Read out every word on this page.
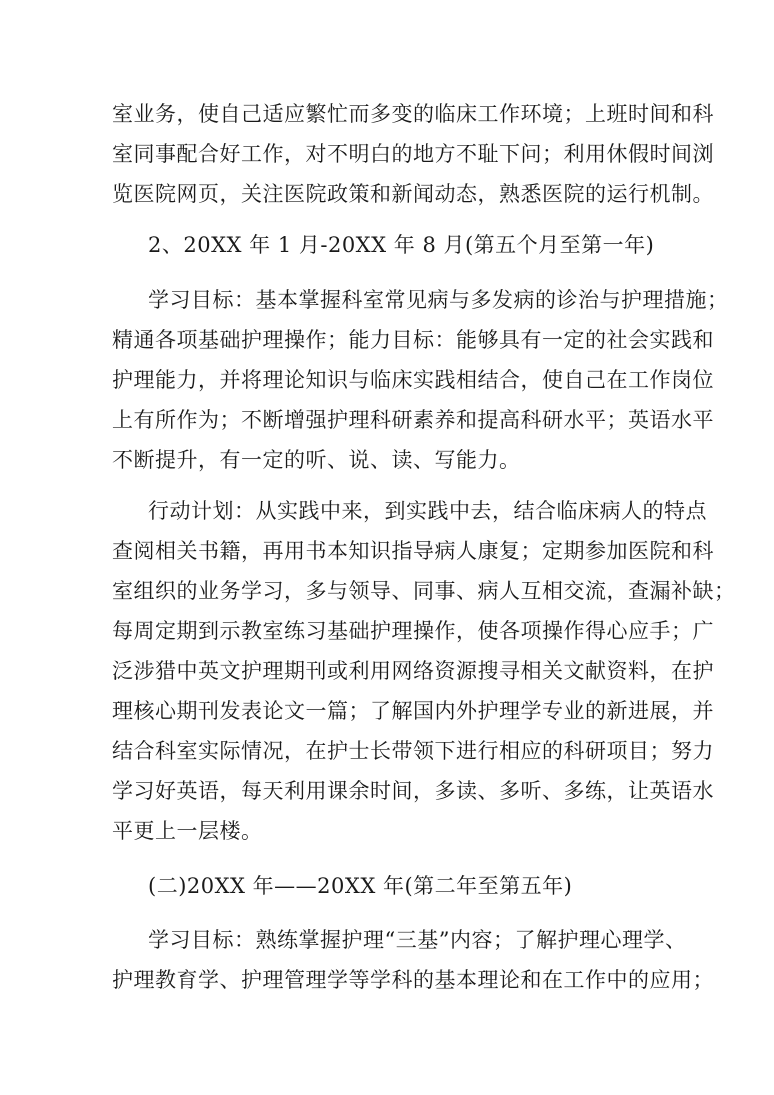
室业务，使自己适应繁忙而多变的临床工作环境；上班时间和科
室同事配合好工作，对不明白的地方不耻下问；利用休假时间浏
览医院网页，关注医院政策和新闻动态，熟悉医院的运行机制。
2、20XX 年 1 月-20XX 年 8 月(第五个月至第一年)
学习目标：基本掌握科室常见病与多发病的诊治与护理措施；
精通各项基础护理操作；能力目标：能够具有一定的社会实践和
护理能力，并将理论知识与临床实践相结合，使自己在工作岗位
上有所作为；不断增强护理科研素养和提高科研水平；英语水平
不断提升，有一定的听、说、读、写能力。
行动计划：从实践中来，到实践中去，结合临床病人的特点
查阅相关书籍，再用书本知识指导病人康复；定期参加医院和科
室组织的业务学习，多与领导、同事、病人互相交流，查漏补缺；
每周定期到示教室练习基础护理操作，使各项操作得心应手；广
泛涉猎中英文护理期刊或利用网络资源搜寻相关文献资料，在护
理核心期刊发表论文一篇；了解国内外护理学专业的新进展，并
结合科室实际情况，在护士长带领下进行相应的科研项目；努力
学习好英语，每天利用课余时间，多读、多听、多练，让英语水
平更上一层楼。
(二)20XX 年——20XX 年(第二年至第五年)
学习目标：熟练掌握护理“三基”内容；了解护理心理学、
护理教育学、护理管理学等学科的基本理论和在工作中的应用；
